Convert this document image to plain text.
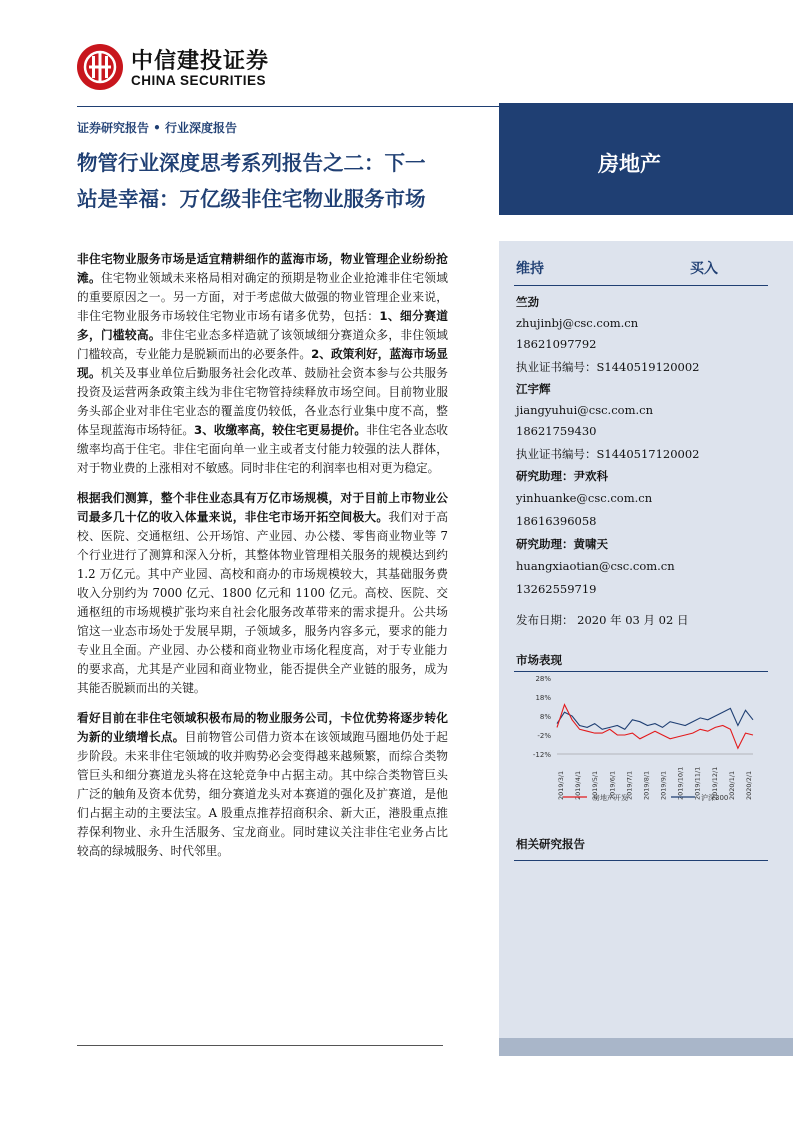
中信建投证券
CHINA SECURITIES
证券研究报告 • 行业深度报告
物管行业深度思考系列报告之二：下一
站是幸福：万亿级非住宅物业服务市场
房地产
维持	买入
竺劲
zhujinbj@csc.com.cn
18621097792
执业证书编号：S1440519120002
江宇辉
jiangyuhui@csc.com.cn
18621759430
执业证书编号：S1440517120002
研究助理：尹欢科
yinhuanke@csc.com.cn
18616396058
研究助理：黄啸天
huangxiaotian@csc.com.cn
13262559719
发布日期： 2020 年 03 月 02 日
市场表现
28%
18%
8%
-2%
-12%
2019/3/1 2019/4/1 2019/5/1 2019/6/1 2019/7/1 2019/8/1 2019/9/1 2019/10/1 2019/11/1 2019/12/1 2020/1/1 2020/2/1
房地产开发	沪深300
相关研究报告

非住宅物业服务市场是适宜精耕细作的蓝海市场，物业管理企业纷纷抢滩。住宅物业领域未来格局相对确定的预期是物业企业抢滩非住宅领域的重要原因之一。另一方面，对于考虑做大做强的物业管理企业来说，非住宅物业服务市场较住宅物业市场有诸多优势，包括：1、细分赛道多，门槛较高。非住宅业态多样造就了该领域细分赛道众多，非住领域门槛较高，专业能力是脱颖而出的必要条件。2、政策利好，蓝海市场显现。机关及事业单位后勤服务社会化改革、鼓励社会资本参与公共服务投资及运营两条政策主线为非住宅物管持续释放市场空间。目前物业服务头部企业对非住宅业态的覆盖度仍较低，各业态行业集中度不高，整体呈现蓝海市场特征。3、收缴率高，较住宅更易提价。非住宅各业态收缴率均高于住宅。非住宅面向单一业主或者支付能力较强的法人群体，对于物业费的上涨相对不敏感。同时非住宅的利润率也相对更为稳定。

根据我们测算，整个非住业态具有万亿市场规模，对于目前上市物业公司最多几十亿的收入体量来说，非住宅市场开拓空间极大。我们对于高校、医院、交通枢纽、公开场馆、产业园、办公楼、零售商业物业等 7 个行业进行了测算和深入分析，其整体物业管理相关服务的规模达到约 1.2 万亿元。其中产业园、高校和商办的市场规模较大，其基础服务费收入分别约为 7000 亿元、1800 亿元和 1100 亿元。高校、医院、交通枢纽的市场规模扩张均来自社会化服务改革带来的需求提升。公共场馆这一业态市场处于发展早期，子领域多，服务内容多元，要求的能力专业且全面。产业园、办公楼和商业物业市场化程度高，对于专业能力的要求高，尤其是产业园和商业物业，能否提供全产业链的服务，成为其能否脱颖而出的关键。

看好目前在非住宅领域积极布局的物业服务公司，卡位优势将逐步转化为新的业绩增长点。目前物管公司借力资本在该领域跑马圈地仍处于起步阶段。未来非住宅领域的收并购势必会变得越来越频繁，而综合类物管巨头和细分赛道龙头将在这轮竞争中占据主动。其中综合类物管巨头广泛的触角及资本优势，细分赛道龙头对本赛道的强化及扩赛道，是他们占据主动的主要法宝。A 股重点推荐招商积余、新大正，港股重点推荐保利物业、永升生活服务、宝龙商业。同时建议关注非住宅业务占比较高的绿城服务、时代邻里。
